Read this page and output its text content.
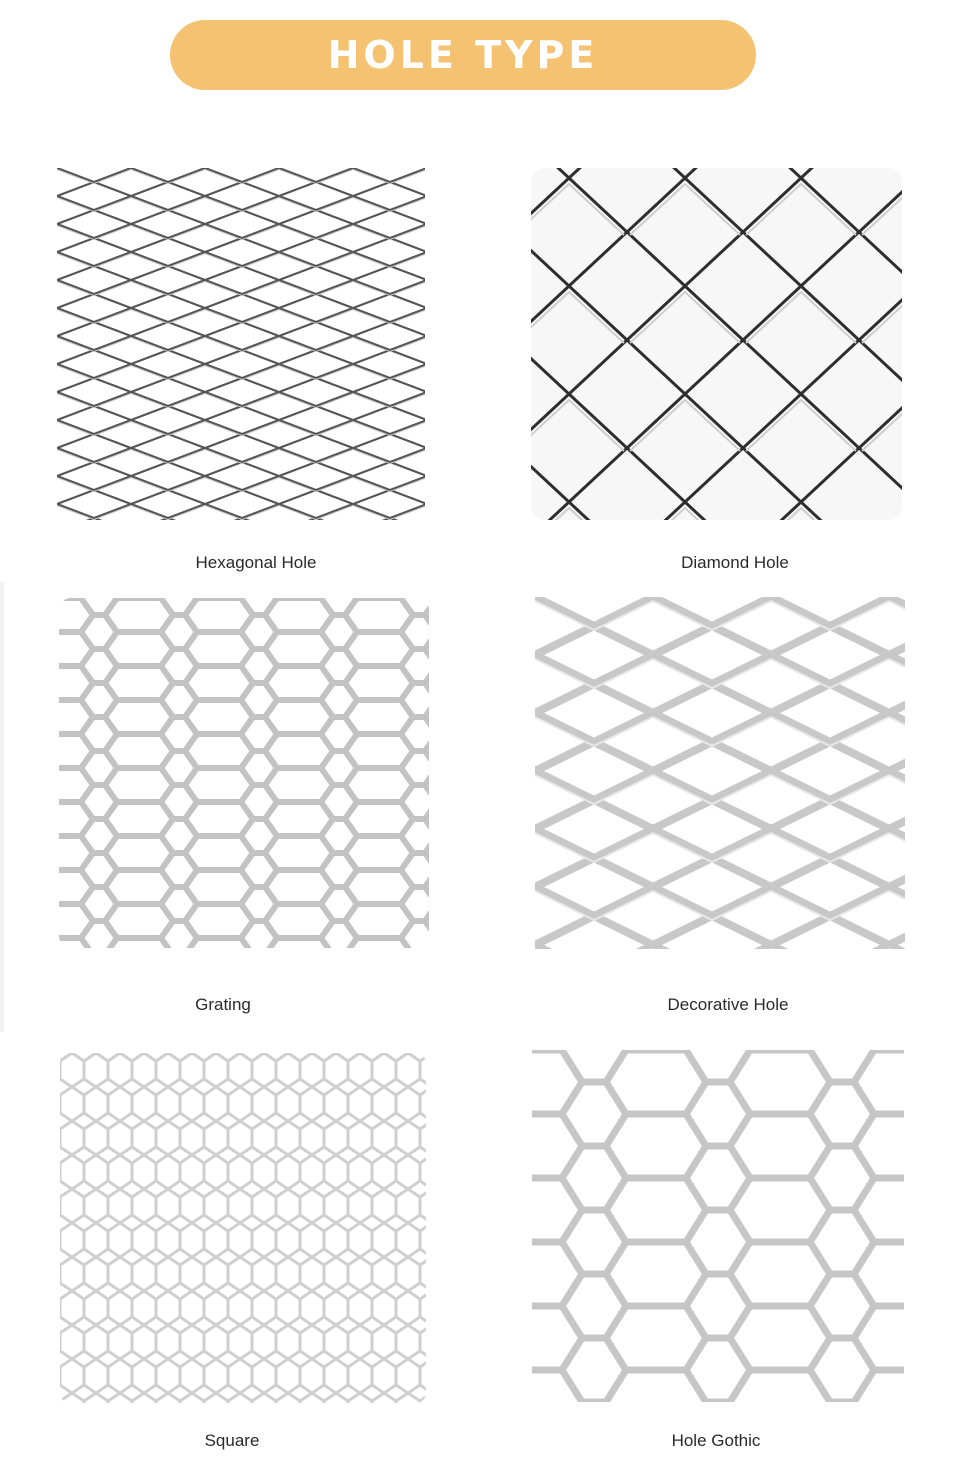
HOLE TYPE
Hexagonal Hole	Diamond Hole
Grating	Decorative Hole
Square	Hole Gothic
